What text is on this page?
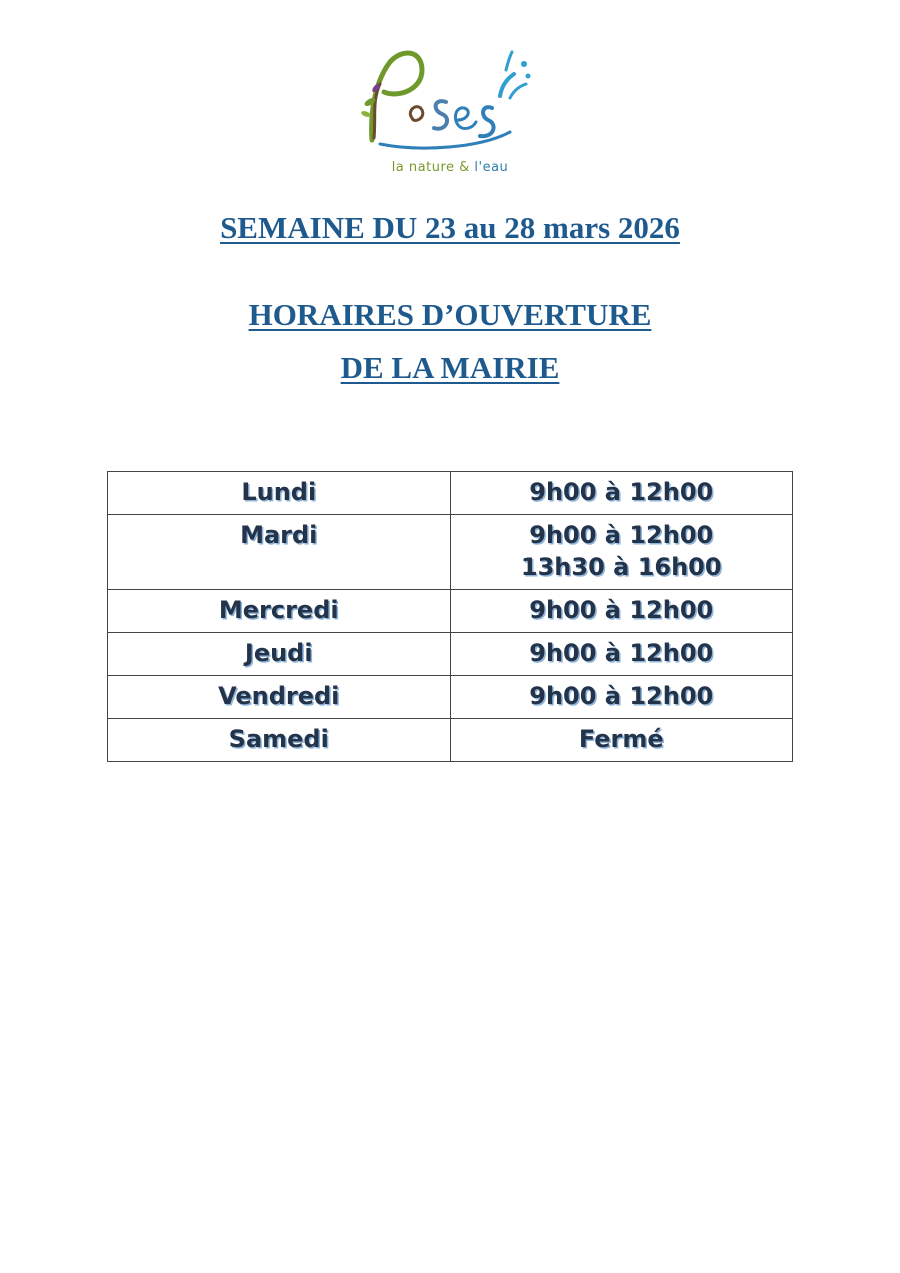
la nature & l'eau
SEMAINE DU 23 au 28 mars 2026
HORAIRES D’OUVERTURE
DE LA MAIRIE
Lundi	9h00 à 12h00

Mardi	9h00 à 12h00
13h30 à 16h00

Mercredi	9h00 à 12h00

Jeudi	9h00 à 12h00

Vendredi	9h00 à 12h00

Samedi	Fermé
